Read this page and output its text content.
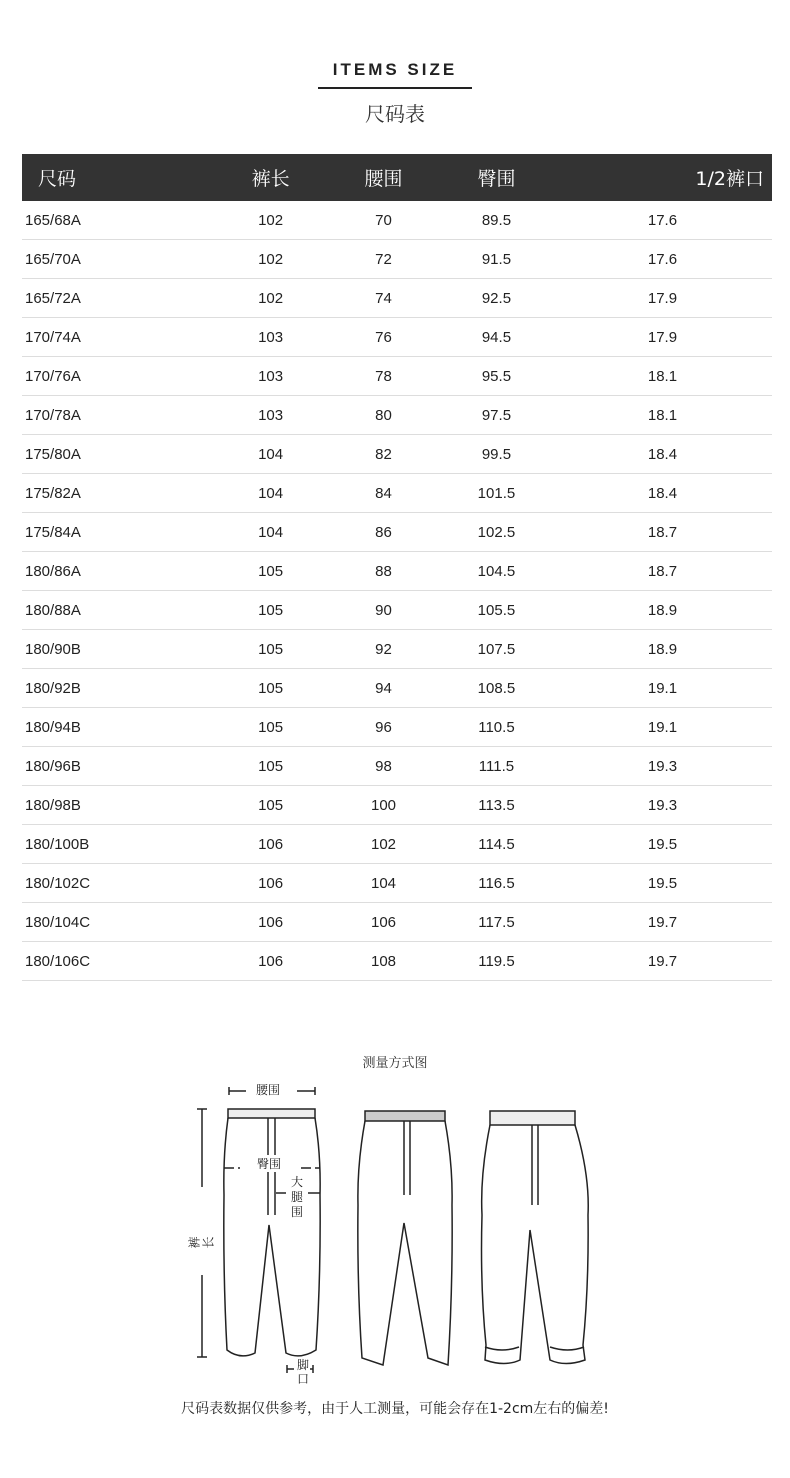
ITEMS SIZE
尺码表
尺码	裤长	腰围	臀围	1/2裤口
165/68A	102	70	89.5	17.6
165/70A	102	72	91.5	17.6
165/72A	102	74	92.5	17.9
170/74A	103	76	94.5	17.9
170/76A	103	78	95.5	18.1
170/78A	103	80	97.5	18.1
175/80A	104	82	99.5	18.4
175/82A	104	84	101.5	18.4
175/84A	104	86	102.5	18.7
180/86A	105	88	104.5	18.7
180/88A	105	90	105.5	18.9
180/90B	105	92	107.5	18.9
180/92B	105	94	108.5	19.1
180/94B	105	96	110.5	19.1
180/96B	105	98	111.5	19.3
180/98B	105	100	113.5	19.3
180/100B	106	102	114.5	19.5
180/102C	106	104	116.5	19.5
180/104C	106	106	117.5	19.7
180/106C	106	108	119.5	19.7
测量方式图
腰围
臀围
大腿围
裤长
脚口
尺码表数据仅供参考，由于人工测量，可能会存在1-2cm左右的偏差!
